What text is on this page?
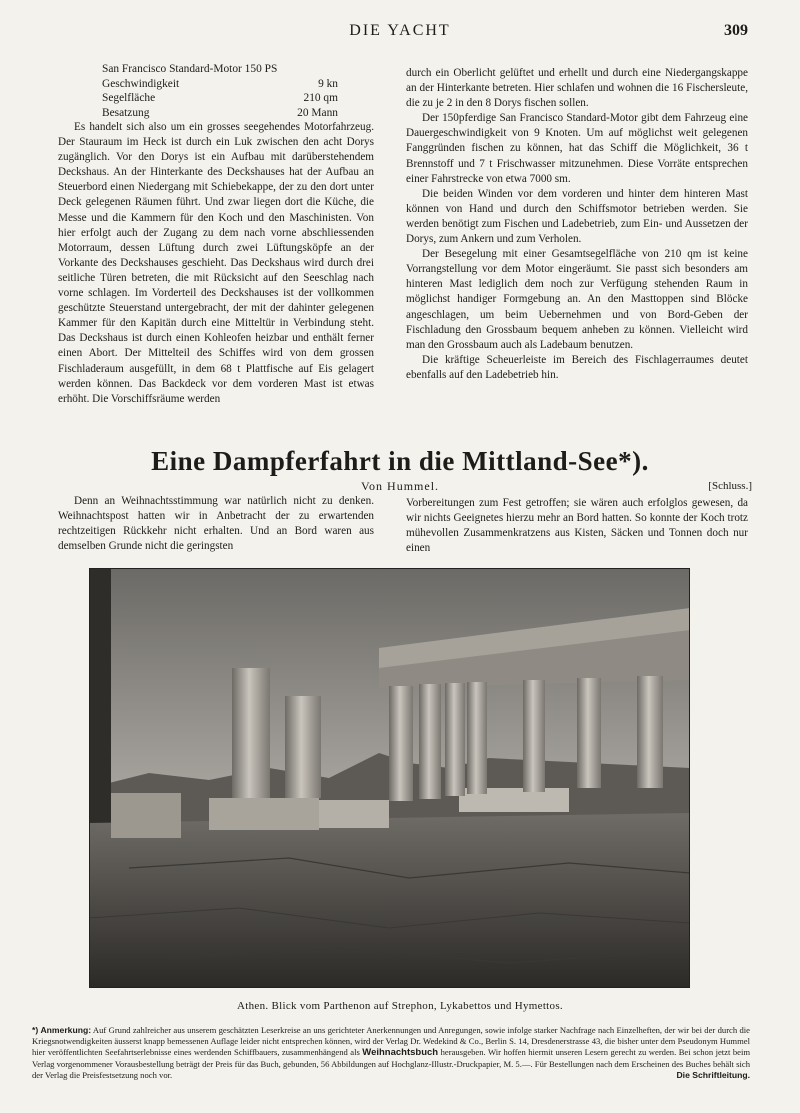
DIE YACHT	309
San Francisco Standard-Motor 150 PS
Geschwindigkeit	9 kn
Segelfläche	210 qm
Besatzung	20 Mann

Es handelt sich also um ein grosses seegehendes Motorfahrzeug. Der Stauraum im Heck ist durch ein Luk zwischen den acht Dorys zugänglich. Vor den Dorys ist ein Aufbau mit darüberstehendem Deckshaus. An der Hinterkante des Deckshauses hat der Aufbau an Steuerbord einen Niedergang mit Schiebekappe, der zu den dort unter Deck gelegenen Räumen führt. Und zwar liegen dort die Küche, die Messe und die Kammern für den Koch und den Maschinisten. Von hier erfolgt auch der Zugang zu dem nach vorne abschliessenden Motorraum, dessen Lüftung durch zwei Lüftungsköpfe an der Vorkante des Deckshauses geschieht. Das Deckshaus wird durch drei seitliche Türen betreten, die mit Rücksicht auf den Seeschlag nach vorne schlagen. Im Vorderteil des Deckshauses ist der vollkommen geschützte Steuerstand untergebracht, der mit der dahinter gelegenen Kammer für den Kapitän durch eine Mitteltür in Verbindung steht. Das Deckshaus ist durch einen Kohleofen heizbar und enthält ferner einen Abort. Der Mittelteil des Schiffes wird von dem grossen Fischladeraum ausgefüllt, in dem 68 t Plattfische auf Eis gelagert werden können. Das Backdeck vor dem vorderen Mast ist etwas erhöht. Die Vorschiffsräume werden

durch ein Oberlicht gelüftet und erhellt und durch eine Niedergangskappe an der Hinterkante betreten. Hier schlafen und wohnen die 16 Fischersleute, die zu je 2 in den 8 Dorys fischen sollen.

Der 150pferdige San Francisco Standard-Motor gibt dem Fahrzeug eine Dauergeschwindigkeit von 9 Knoten. Um auf möglichst weit gelegenen Fanggründen fischen zu können, hat das Schiff die Möglichkeit, 36 t Brennstoff und 7 t Frischwasser mitzunehmen. Diese Vorräte entsprechen einer Fahrstrecke von etwa 7000 sm.

Die beiden Winden vor dem vorderen und hinter dem hinteren Mast können von Hand und durch den Schiffsmotor betrieben werden. Sie werden benötigt zum Fischen und Ladebetrieb, zum Ein- und Aussetzen der Dorys, zum Ankern und zum Verholen.

Der Besegelung mit einer Gesamtsegelfläche von 210 qm ist keine Vorrangstellung vor dem Motor eingeräumt. Sie passt sich besonders am hinteren Mast lediglich dem noch zur Verfügung stehenden Raum in möglichst handiger Formgebung an. An den Masttoppen sind Blöcke angeschlagen, um beim Uebernehmen und von Bord-Geben der Fischladung den Grossbaum bequem anheben zu können. Vielleicht wird man den Grossbaum auch als Ladebaum benutzen.

Die kräftige Scheuerleiste im Bereich des Fischlagerraumes deutet ebenfalls auf den Ladebetrieb hin.

Eine Dampferfahrt in die Mittland-See*).
Von Hummel.	[Schluss.]

Denn an Weihnachtsstimmung war natürlich nicht zu denken. Weihnachtspost hatten wir in Anbetracht der zu erwartenden rechtzeitigen Rückkehr nicht erhalten. Und an Bord waren aus demselben Grunde nicht die geringsten

Vorbereitungen zum Fest getroffen; sie wären auch erfolglos gewesen, da wir nichts Geeignetes hierzu mehr an Bord hatten. So konnte der Koch trotz mühevollen Zusammenkratzens aus Kisten, Säcken und Tonnen doch nur einen

Athen. Blick vom Parthenon auf Strephon, Lykabettos und Hymettos.
*) Anmerkung: Auf Grund zahlreicher aus unserem geschätzten Leserkreise an uns gerichteter Anerkennungen und Anregungen, sowie infolge starker Nachfrage nach Einzelheften, der wir bei der durch die Kriegsnotwendigkeiten äusserst knapp bemessenen Auflage leider nicht entsprechen können, wird der Verlag Dr. Wedekind & Co., Berlin S. 14, Dresdenerstrasse 43, die bisher unter dem Pseudonym Hummel hier veröffentlichten Seefahrtserlebnisse eines werdenden Schiffbauers, zusammenhängend als Weihnachtsbuch herausgeben. Wir hoffen hiermit unseren Lesern gerecht zu werden. Bei schon jetzt beim Verlag vorgenommener Vorausbestellung beträgt der Preis für das Buch, gebunden, 56 Abbildungen auf Hochglanz-Illustr.-Druckpapier, M. 5.—. Für Bestellungen nach dem Erscheinen des Buches behält sich der Verlag die Preisfestsetzung noch vor.	Die Schriftleitung.
